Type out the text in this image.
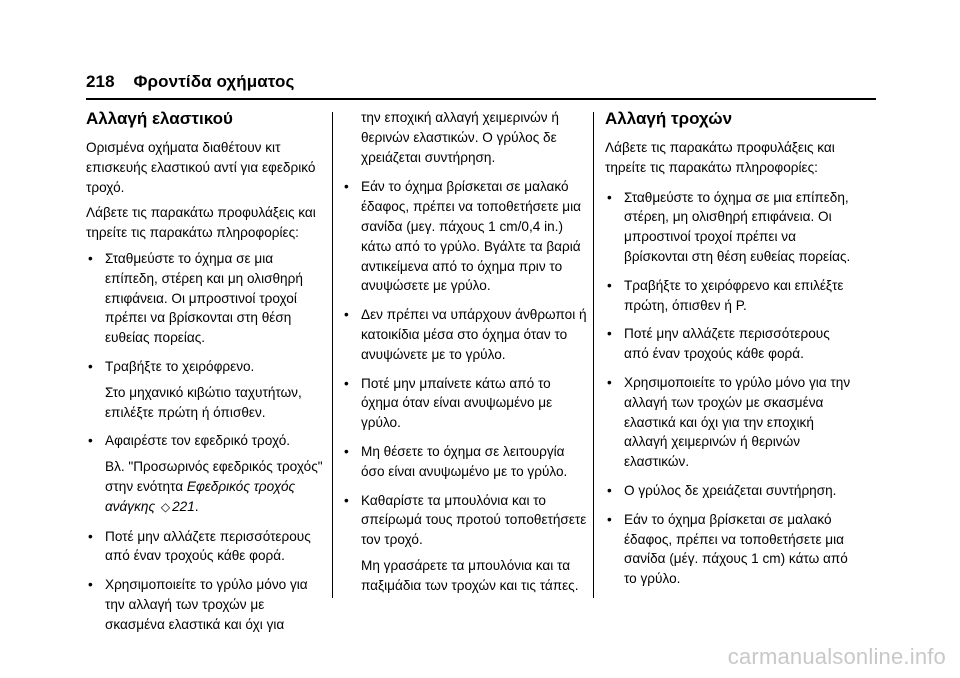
218 Φροντίδα οχήματος
Αλλαγή ελαστικού

Ορισμένα οχήματα διαθέτουν κιτ επισκευής ελαστικού αντί για εφεδρικό τροχό.

Λάβετε τις παρακάτω προφυλάξεις και τηρείτε τις παρακάτω πληροφορίες:

• Σταθμεύστε το όχημα σε μια επίπεδη, στέρεη και μη ολισθηρή επιφάνεια. Οι μπροστινοί τροχοί πρέπει να βρίσκονται στη θέση ευθείας πορείας.

• Τραβήξτε το χειρόφρενο.

Στο μηχανικό κιβώτιο ταχυτήτων, επιλέξτε πρώτη ή όπισθεν.

• Αφαιρέστε τον εφεδρικό τροχό.

Βλ. "Προσωρινός εφεδρικός τροχός" στην ενότητα Εφεδρικός τροχός ανάγκης ◇ 221.

• Ποτέ μην αλλάζετε περισσότερους από έναν τροχούς κάθε φορά.

• Χρησιμοποιείτε το γρύλο μόνο για την αλλαγή των τροχών με σκασμένα ελαστικά και όχι για

την εποχική αλλαγή χειμερινών ή θερινών ελαστικών. Ο γρύλος δε χρειάζεται συντήρηση.

• Εάν το όχημα βρίσκεται σε μαλακό έδαφος, πρέπει να τοποθετήσετε μια σανίδα (μεγ. πάχους 1 cm/0,4 in.) κάτω από το γρύλο. Βγάλτε τα βαριά αντικείμενα από το όχημα πριν το ανυψώσετε με γρύλο.

• Δεν πρέπει να υπάρχουν άνθρωποι ή κατοικίδια μέσα στο όχημα όταν το ανυψώνετε με το γρύλο.

• Ποτέ μην μπαίνετε κάτω από το όχημα όταν είναι ανυψωμένο με γρύλο.

• Μη θέσετε το όχημα σε λειτουργία όσο είναι ανυψωμένο με το γρύλο.

• Καθαρίστε τα μπουλόνια και το σπείρωμά τους προτού τοποθετήσετε τον τροχό.

Μη γρασάρετε τα μπουλόνια και τα παξιμάδια των τροχών και τις τάπες.

Αλλαγή τροχών

Λάβετε τις παρακάτω προφυλάξεις και τηρείτε τις παρακάτω πληροφορίες:

• Σταθμεύστε το όχημα σε μια επίπεδη, στέρεη, μη ολισθηρή επιφάνεια. Οι μπροστινοί τροχοί πρέπει να βρίσκονται στη θέση ευθείας πορείας.

• Τραβήξτε το χειρόφρενο και επιλέξτε πρώτη, όπισθεν ή P.

• Ποτέ μην αλλάζετε περισσότερους από έναν τροχούς κάθε φορά.

• Χρησιμοποιείτε το γρύλο μόνο για την αλλαγή των τροχών με σκασμένα ελαστικά και όχι για την εποχική αλλαγή χειμερινών ή θερινών ελαστικών.

• Ο γρύλος δε χρειάζεται συντήρηση.

• Εάν το όχημα βρίσκεται σε μαλακό έδαφος, πρέπει να τοποθετήσετε μια σανίδα (μέγ. πάχους 1 cm) κάτω από το γρύλο.

carmanualsonline.info
